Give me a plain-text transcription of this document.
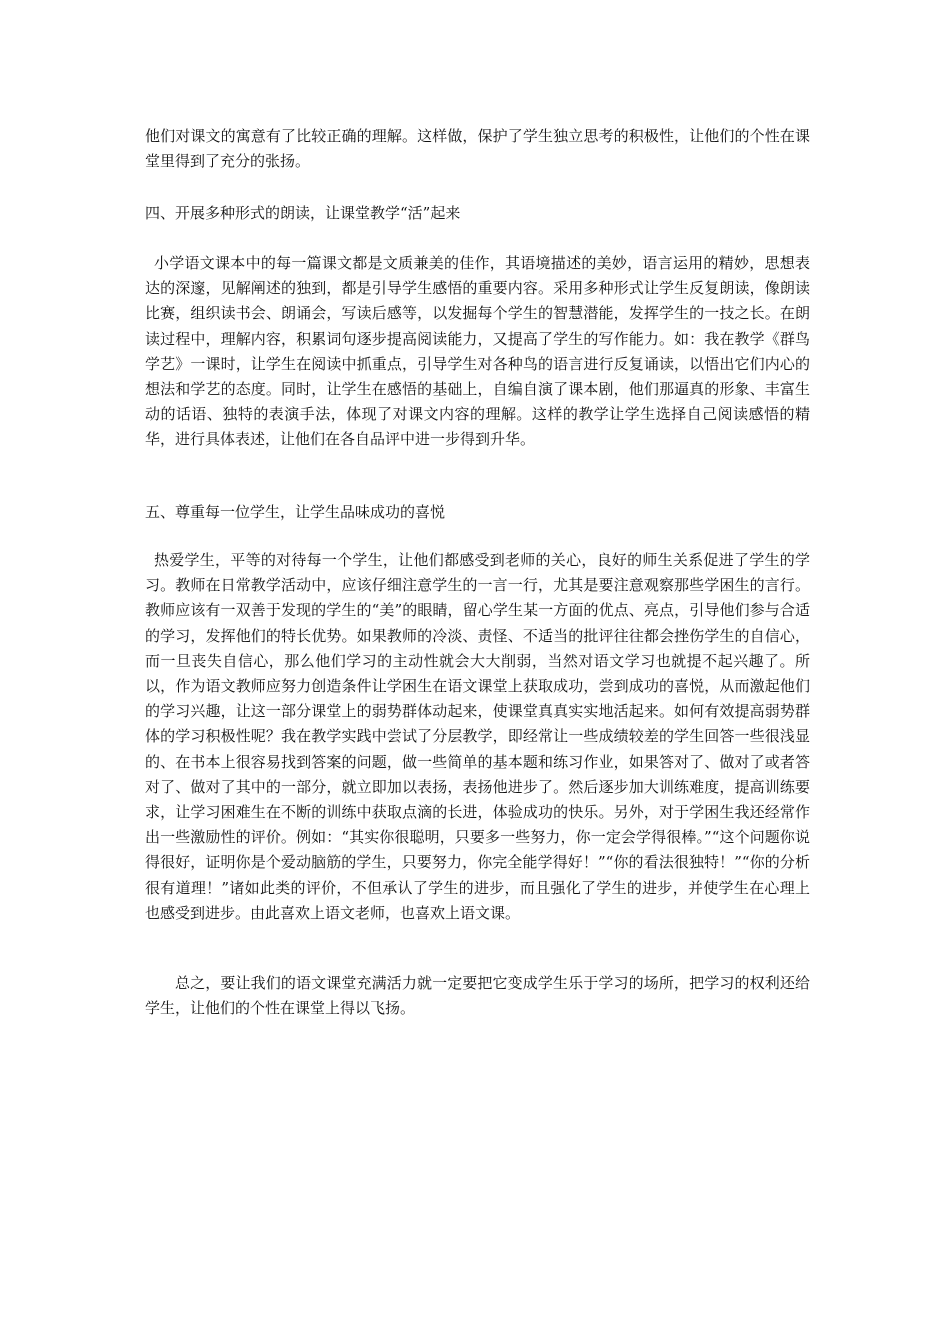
他们对课文的寓意有了比较正确的理解。这样做，保护了学生独立思考的积极性，让他们的个性在课堂里得到了充分的张扬。

四、开展多种形式的朗读，让课堂教学“活”起来

小学语文课本中的每一篇课文都是文质兼美的佳作，其语境描述的美妙，语言运用的精妙，思想表达的深邃，见解阐述的独到，都是引导学生感悟的重要内容。采用多种形式让学生反复朗读，像朗读比赛，组织读书会、朗诵会，写读后感等，以发掘每个学生的智慧潜能，发挥学生的一技之长。在朗读过程中，理解内容，积累词句逐步提高阅读能力，又提高了学生的写作能力。如：我在教学《群鸟学艺》一课时，让学生在阅读中抓重点，引导学生对各种鸟的语言进行反复诵读，以悟出它们内心的想法和学艺的态度。同时，让学生在感悟的基础上，自编自演了课本剧，他们那逼真的形象、丰富生动的话语、独特的表演手法，体现了对课文内容的理解。这样的教学让学生选择自己阅读感悟的精华，进行具体表述，让他们在各自品评中进一步得到升华。

五、尊重每一位学生，让学生品味成功的喜悦

热爱学生，平等的对待每一个学生，让他们都感受到老师的关心，良好的师生关系促进了学生的学习。教师在日常教学活动中，应该仔细注意学生的一言一行，尤其是要注意观察那些学困生的言行。教师应该有一双善于发现的学生的“美”的眼睛，留心学生某一方面的优点、亮点，引导他们参与合适的学习，发挥他们的特长优势。如果教师的冷淡、责怪、不适当的批评往往都会挫伤学生的自信心，而一旦丧失自信心，那么他们学习的主动性就会大大削弱，当然对语文学习也就提不起兴趣了。所以，作为语文教师应努力创造条件让学困生在语文课堂上获取成功，尝到成功的喜悦，从而激起他们的学习兴趣，让这一部分课堂上的弱势群体动起来，使课堂真真实实地活起来。如何有效提高弱势群体的学习积极性呢？我在教学实践中尝试了分层教学，即经常让一些成绩较差的学生回答一些很浅显的、在书本上很容易找到答案的问题，做一些简单的基本题和练习作业，如果答对了、做对了或者答对了、做对了其中的一部分，就立即加以表扬，表扬他进步了。然后逐步加大训练难度，提高训练要求，让学习困难生在不断的训练中获取点滴的长进，体验成功的快乐。另外，对于学困生我还经常作出一些激励性的评价。例如：“其实你很聪明，只要多一些努力，你一定会学得很棒。”“这个问题你说得很好，证明你是个爱动脑筋的学生，只要努力，你完全能学得好！”“你的看法很独特！”“你的分析很有道理！”诸如此类的评价，不但承认了学生的进步，而且强化了学生的进步，并使学生在心理上也感受到进步。由此喜欢上语文老师，也喜欢上语文课。

总之，要让我们的语文课堂充满活力就一定要把它变成学生乐于学习的场所，把学习的权利还给学生，让他们的个性在课堂上得以飞扬。
